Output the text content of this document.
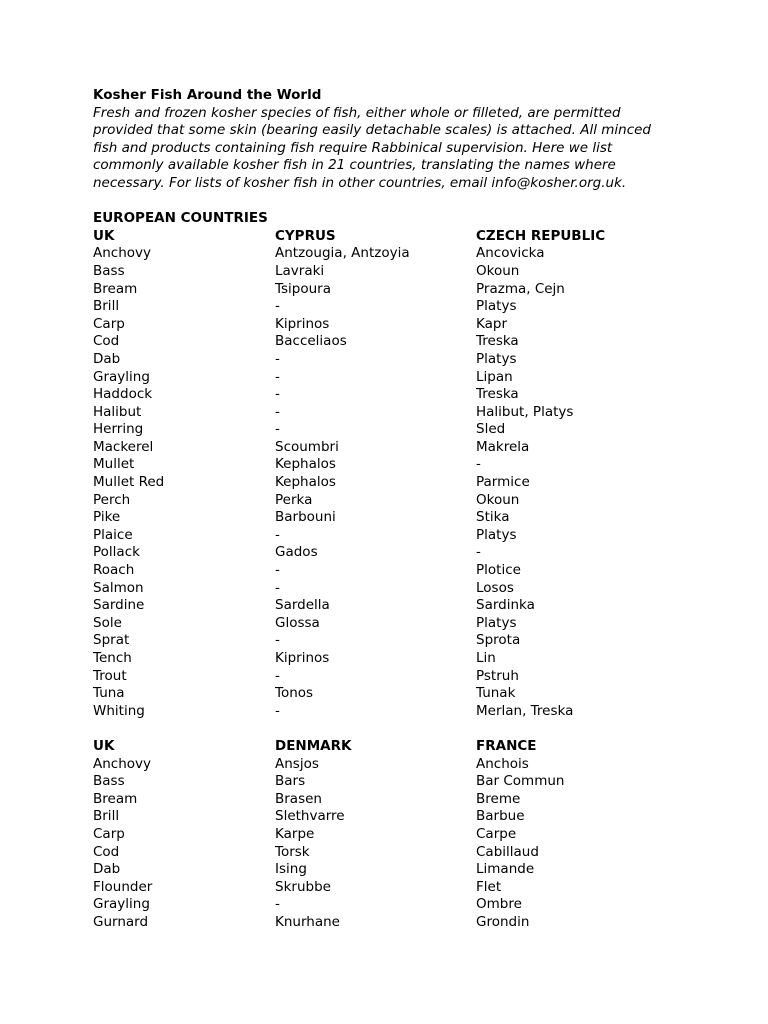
Kosher Fish Around the World
Fresh and frozen kosher species of fish, either whole or filleted, are permitted
provided that some skin (bearing easily detachable scales) is attached. All minced
fish and products containing fish require Rabbinical supervision. Here we list
commonly available kosher fish in 21 countries, translating the names where
necessary. For lists of kosher fish in other countries, email info@kosher.org.uk.
EUROPEAN COUNTRIES
UK	CYPRUS	CZECH REPUBLIC
Anchovy	Antzougia, Antzoyia	Ancovicka
Bass	Lavraki	Okoun
Bream	Tsipoura	Prazma, Cejn
Brill	-	Platys
Carp	Kiprinos	Kapr
Cod	Bacceliaos	Treska
Dab	-	Platys
Grayling	-	Lipan
Haddock	-	Treska
Halibut	-	Halibut, Platys
Herring	-	Sled
Mackerel	Scoumbri	Makrela
Mullet	Kephalos	-
Mullet Red	Kephalos	Parmice
Perch	Perka	Okoun
Pike	Barbouni	Stika
Plaice	-	Platys
Pollack	Gados	-
Roach	-	Plotice
Salmon	-	Losos
Sardine	Sardella	Sardinka
Sole	Glossa	Platys
Sprat	-	Sprota
Tench	Kiprinos	Lin
Trout	-	Pstruh
Tuna	Tonos	Tunak
Whiting	-	Merlan, Treska
UK	DENMARK	FRANCE
Anchovy	Ansjos	Anchois
Bass	Bars	Bar Commun
Bream	Brasen	Breme
Brill	Slethvarre	Barbue
Carp	Karpe	Carpe
Cod	Torsk	Cabillaud
Dab	Ising	Limande
Flounder	Skrubbe	Flet
Grayling	-	Ombre
Gurnard	Knurhane	Grondin
